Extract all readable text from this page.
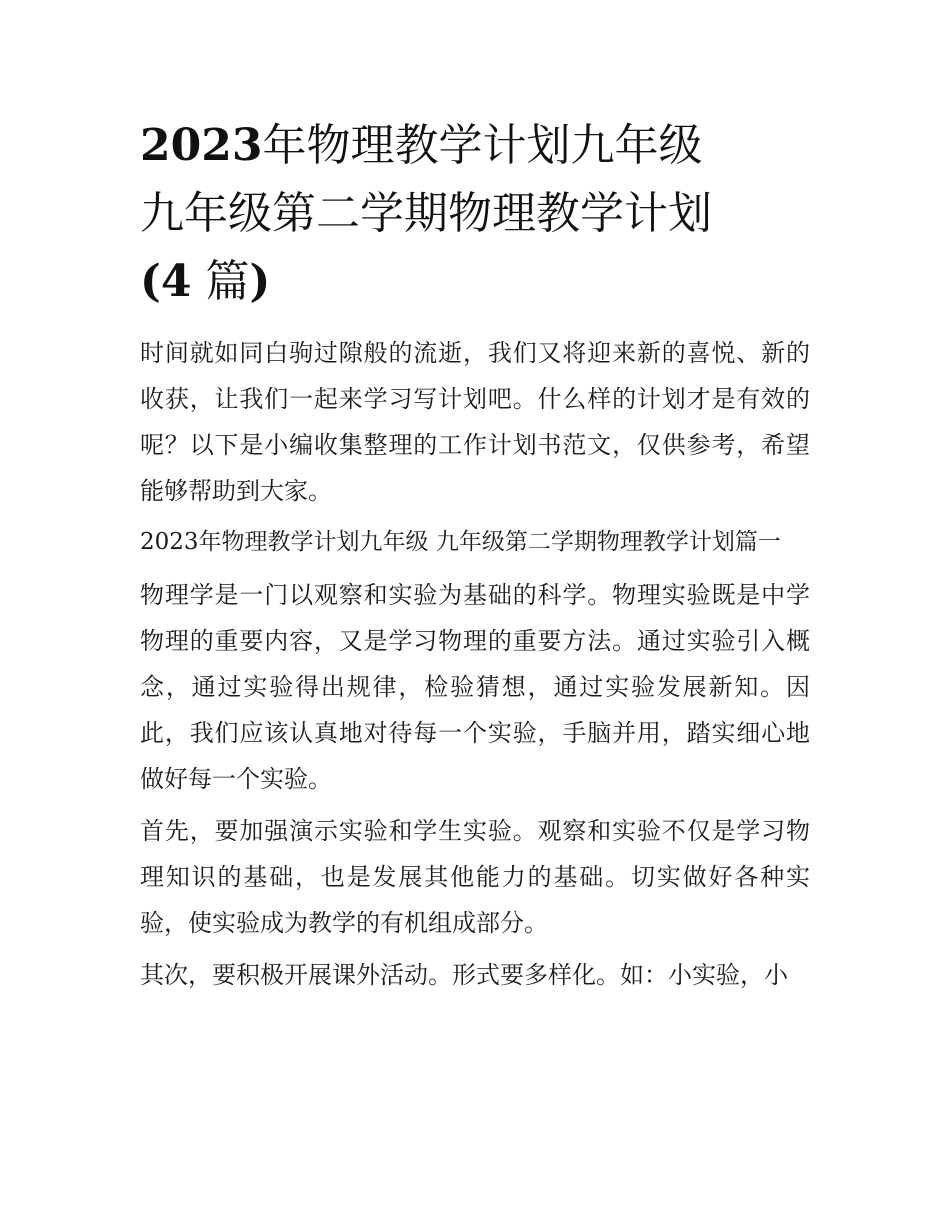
2023年物理教学计划九年级
九年级第二学期物理教学计划
(4 篇)

时间就如同白驹过隙般的流逝，我们又将迎来新的喜悦、新的收获，让我们一起来学习写计划吧。什么样的计划才是有效的呢？以下是小编收集整理的工作计划书范文，仅供参考，希望能够帮助到大家。

2023年物理教学计划九年级 九年级第二学期物理教学计划篇一

物理学是一门以观察和实验为基础的科学。物理实验既是中学物理的重要内容，又是学习物理的重要方法。通过实验引入概念，通过实验得出规律，检验猜想，通过实验发展新知。因此，我们应该认真地对待每一个实验，手脑并用，踏实细心地做好每一个实验。

首先，要加强演示实验和学生实验。观察和实验不仅是学习物理知识的基础，也是发展其他能力的基础。切实做好各种实验，使实验成为教学的有机组成部分。

其次，要积极开展课外活动。形式要多样化。如：小实验，小
